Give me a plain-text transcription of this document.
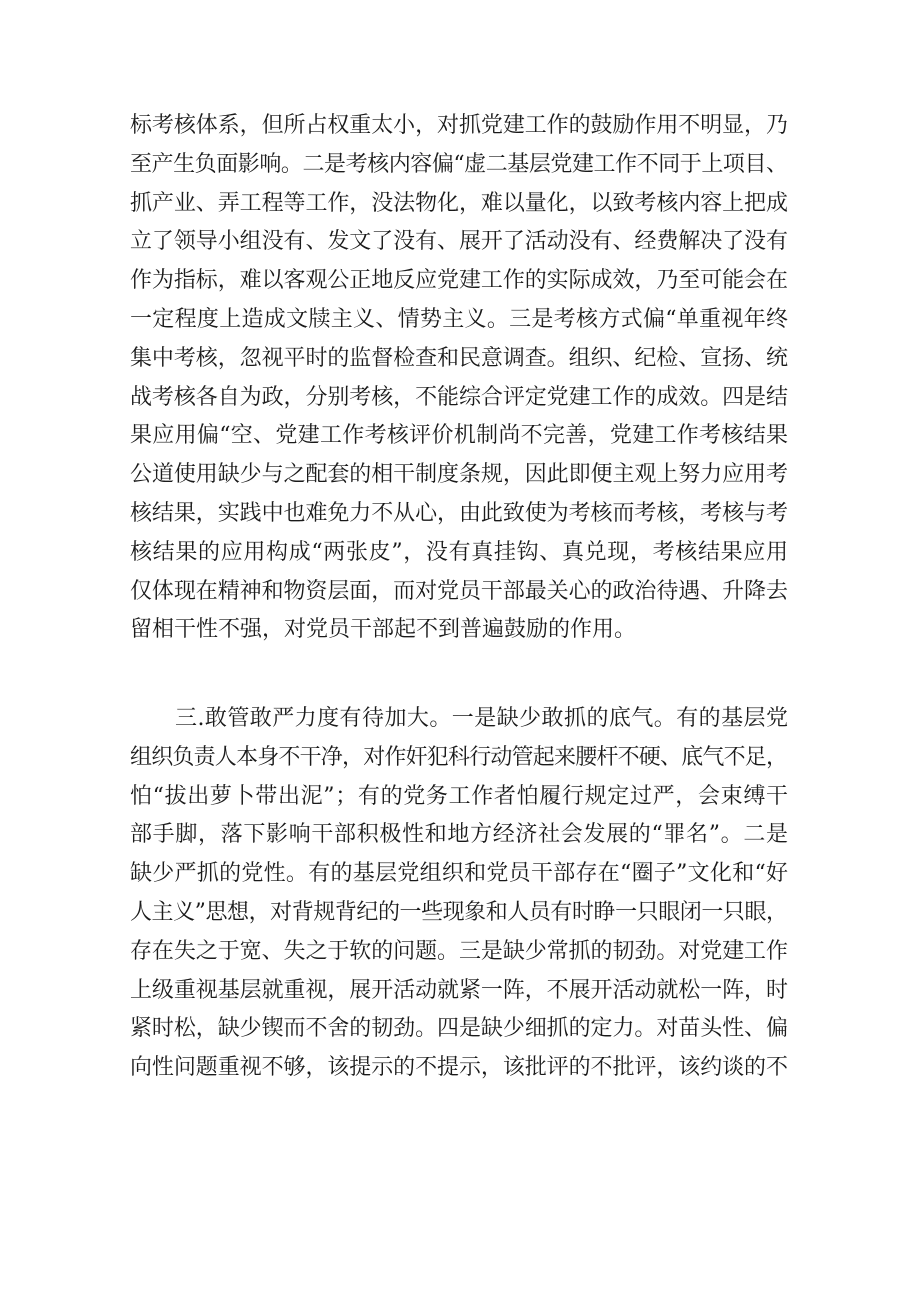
标考核体系，但所占权重太小，对抓党建工作的鼓励作用不明显，乃
至产生负面影响。二是考核内容偏“虚二基层党建工作不同于上项目、
抓产业、弄工程等工作，没法物化，难以量化，以致考核内容上把成
立了领导小组没有、发文了没有、展开了活动没有、经费解决了没有
作为指标，难以客观公正地反应党建工作的实际成效，乃至可能会在
一定程度上造成文牍主义、情势主义。三是考核方式偏“单重视年终
集中考核，忽视平时的监督检查和民意调查。组织、纪检、宣扬、统
战考核各自为政，分别考核，不能综合评定党建工作的成效。四是结
果应用偏“空、党建工作考核评价机制尚不完善，党建工作考核结果
公道使用缺少与之配套的相干制度条规，因此即便主观上努力应用考
核结果，实践中也难免力不从心，由此致使为考核而考核，考核与考
核结果的应用构成“两张皮”，没有真挂钩、真兑现，考核结果应用
仅体现在精神和物资层面，而对党员干部最关心的政治待遇、升降去
留相干性不强，对党员干部起不到普遍鼓励的作用。
三.敢管敢严力度有待加大。一是缺少敢抓的底气。有的基层党
组织负责人本身不干净，对作奸犯科行动管起来腰杆不硬、底气不足，
怕“拔出萝卜带出泥”；有的党务工作者怕履行规定过严，会束缚干
部手脚，落下影响干部积极性和地方经济社会发展的“罪名”。二是
缺少严抓的党性。有的基层党组织和党员干部存在“圈子”文化和“好
人主义”思想，对背规背纪的一些现象和人员有时睁一只眼闭一只眼，
存在失之于宽、失之于软的问题。三是缺少常抓的韧劲。对党建工作
上级重视基层就重视，展开活动就紧一阵，不展开活动就松一阵，时
紧时松，缺少锲而不舍的韧劲。四是缺少细抓的定力。对苗头性、偏
向性问题重视不够，该提示的不提示，该批评的不批评，该约谈的不
